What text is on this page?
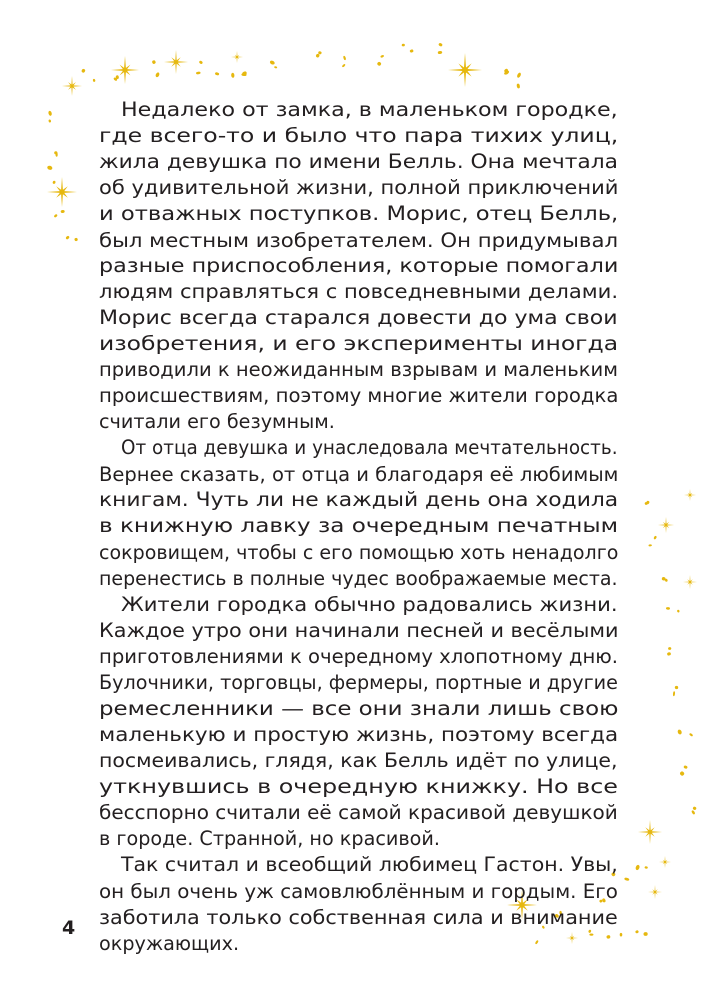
Недалеко от замка, в маленьком городке,
где всего-то и было что пара тихих улиц,
жила девушка по имени Белль. Она мечтала
об удивительной жизни, полной приключений
и отважных поступков. Морис, отец Белль,
был местным изобретателем. Он придумывал
разные приспособления, которые помогали
людям справляться с повседневными делами.
Морис всегда старался довести до ума свои
изобретения, и его эксперименты иногда
приводили к неожиданным взрывам и маленьким
происшествиям, поэтому многие жители городка
считали его безумным.
От отца девушка и унаследовала мечтательность.
Вернее сказать, от отца и благодаря её любимым
книгам. Чуть ли не каждый день она ходила
в книжную лавку за очередным печатным
сокровищем, чтобы с его помощью хоть ненадолго
перенестись в полные чудес воображаемые места.
Жители городка обычно радовались жизни.
Каждое утро они начинали песней и весёлыми
приготовлениями к очередному хлопотному дню.
Булочники, торговцы, фермеры, портные и другие
ремесленники — все они знали лишь свою
маленькую и простую жизнь, поэтому всегда
посмеивались, глядя, как Белль идёт по улице,
уткнувшись в очередную книжку. Но все
бесспорно считали её самой красивой девушкой
в городе. Странной, но красивой.
Так считал и всеобщий любимец Гастон. Увы,
он был очень уж самовлюблённым и гордым. Его
заботила только собственная сила и внимание
окружающих.
4
